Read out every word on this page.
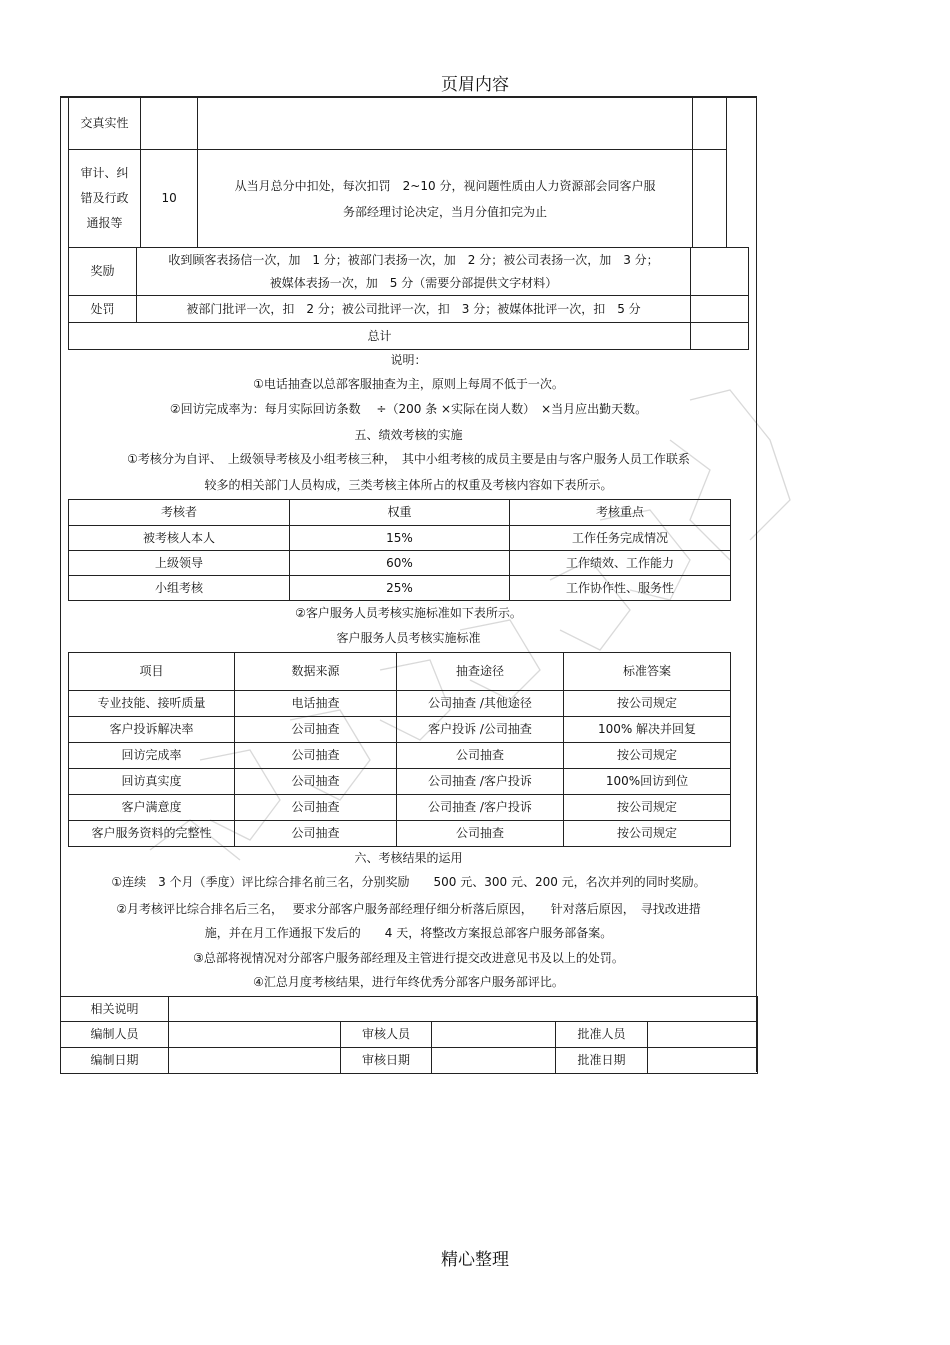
页眉内容
交真实性			
审计、纠错及行政通报等	10	从当月总分中扣处，每次扣罚　2~10 分，视问题性质由人力资源部会同客户服
务部经理讨论决定，当月分值扣完为止	

奖励	收到顾客表扬信一次，加　1 分；被部门表扬一次，加　2 分；被公司表扬一次，加　3 分；
被媒体表扬一次，加　5 分（需要分部提供文字材料）	

处罚	被部门批评一次，扣　2 分；被公司批评一次，扣　3 分；被媒体批评一次，扣　5 分	
总计		
说明：
①电话抽查以总部客服抽查为主，原则上每周不低于一次。
②回访完成率为：每月实际回访条数　 ÷（200 条 ×实际在岗人数）　×当月应出勤天数。
五、绩效考核的实施
①考核分为自评、　上级领导考核及小组考核三种，　其中小组考核的成员主要是由与客户服务人员工作联系
较多的相关部门人员构成，三类考核主体所占的权重及考核内容如下表所示。
考核者	权重	考核重点
被考核人本人	15%	工作任务完成情况
上级领导	60%	工作绩效、工作能力
小组考核	25%	工作协作性、服务性
②客户服务人员考核实施标准如下表所示。
客户服务人员考核实施标准
项目	数据来源	抽查途径	标准答案
专业技能、接听质量	电话抽查	公司抽查 /其他途径	按公司规定
客户投诉解决率	公司抽查	客户投诉 /公司抽查	100% 解决并回复
回访完成率	公司抽查	公司抽查	按公司规定
回访真实度	公司抽查	公司抽查 /客户投诉	100%回访到位
客户满意度	公司抽查	公司抽查 /客户投诉	按公司规定
客户服务资料的完整性	公司抽查	公司抽查	按公司规定
六、考核结果的运用
①连续　3 个月（季度）评比综合排名前三名，分别奖励　　500 元、300 元、200 元，名次并列的同时奖励。
②月考核评比综合排名后三名，　 要求分部客户服务部经理仔细分析落后原因，　　针对落后原因，　寻找改进措
施，并在月工作通报下发后的　　4 天，将整改方案报总部客户服务部备案。
③总部将视情况对分部客户服务部经理及主管进行提交改进意见书及以上的处罚。
④汇总月度考核结果，进行年终优秀分部客户服务部评比。
相关说明					
编制人员		审核人员		批准人员	
编制日期		审核日期		批准日期	
精心整理
